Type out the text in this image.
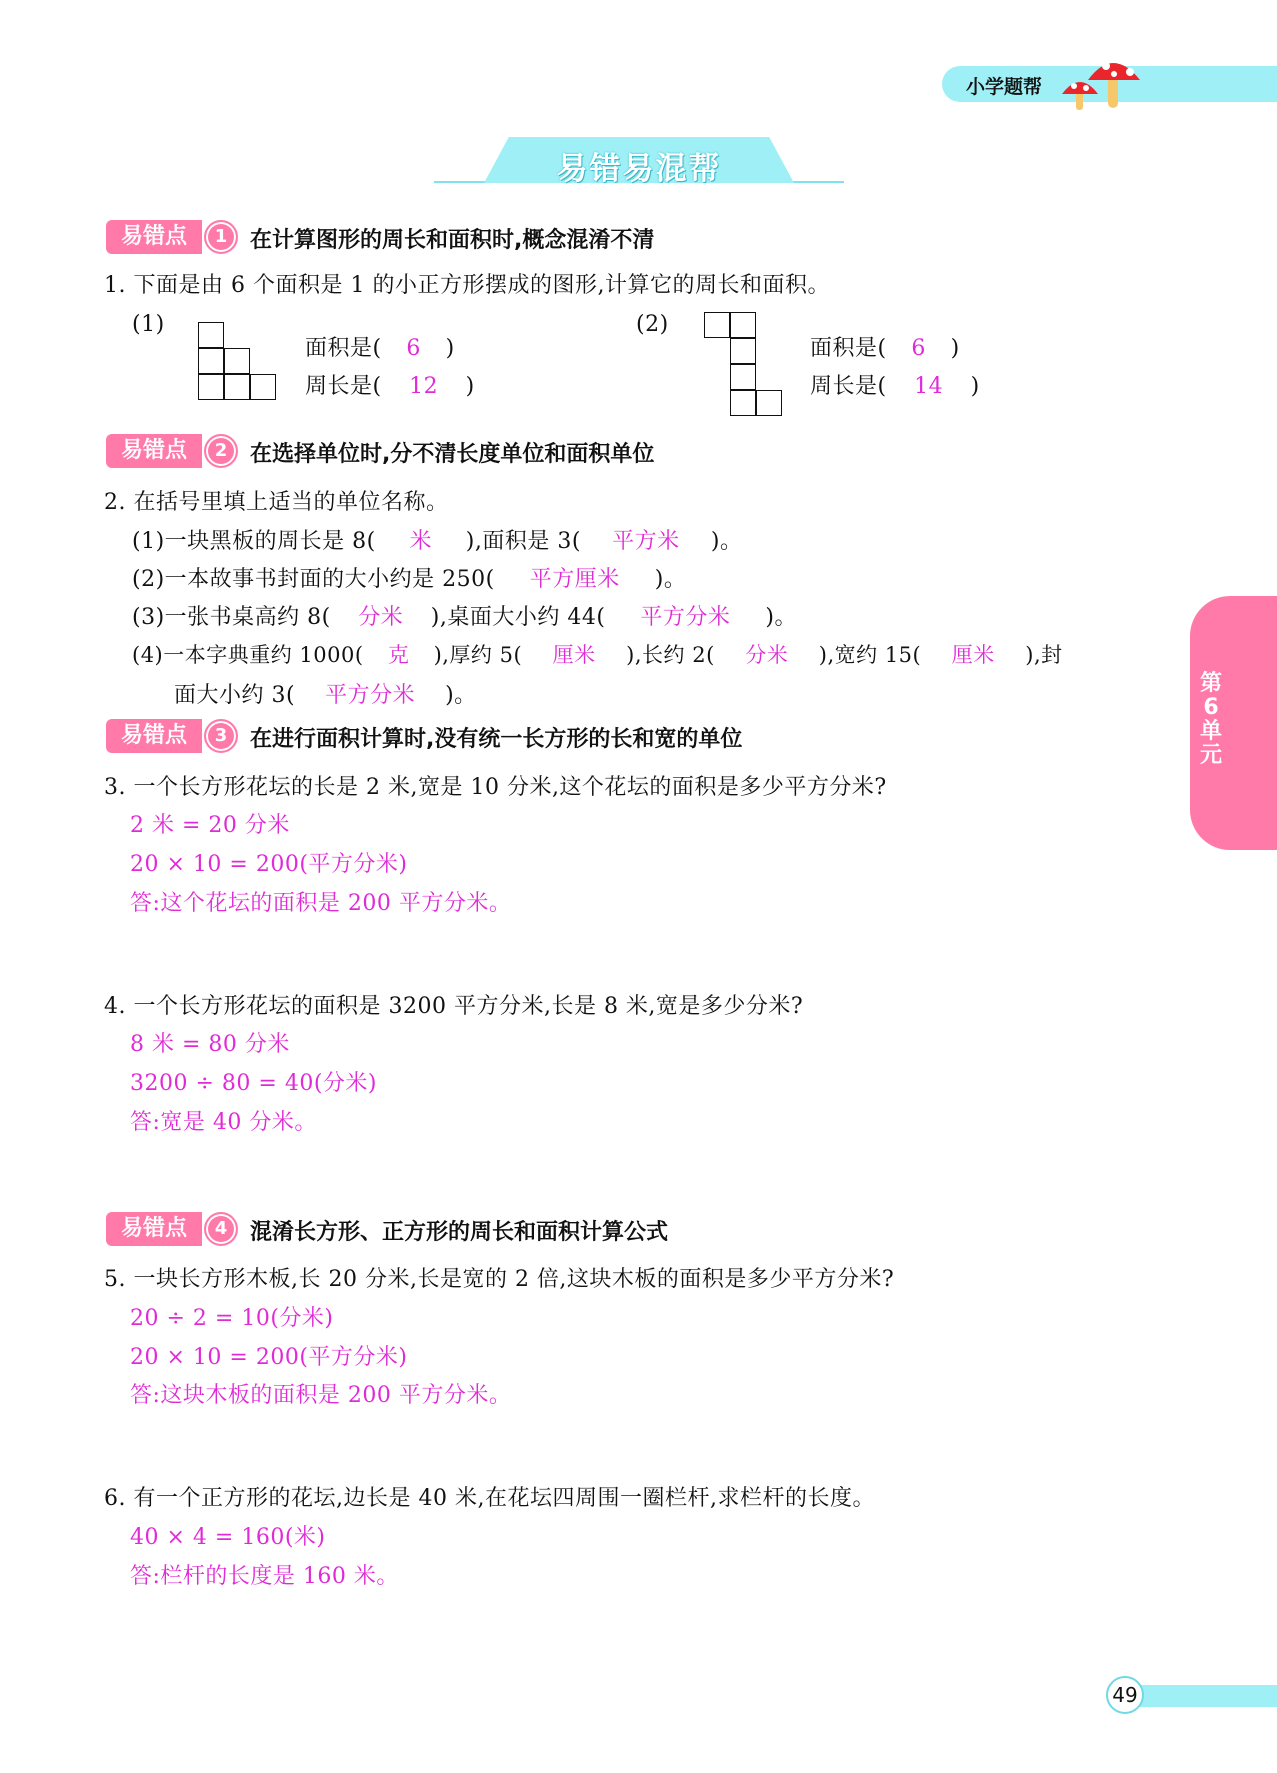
小学题帮
易错易混帮
第6单元
易错点	1	在计算图形的周长和面积时,概念混淆不清
1. 下面是由 6 个面积是 1 的小正方形摆成的图形,计算它的周长和面积。
(1)
面积是( 6 )
周长是( 12 )
(2)
面积是( 6 )
周长是( 14 )
易错点	2	在选择单位时,分不清长度单位和面积单位
2. 在括号里填上适当的单位名称。
(1)一块黑板的周长是 8( 米 ),面积是 3( 平方米 )。
(2)一本故事书封面的大小约是 250( 平方厘米 )。
(3)一张书桌高约 8( 分米 ),桌面大小约 44( 平方分米 )。
(4)一本字典重约 1000( 克 ),厚约 5( 厘米 ),长约 2( 分米 ),宽约 15( 厘米 ),封
面大小约 3( 平方分米 )。
易错点	3	在进行面积计算时,没有统一长方形的长和宽的单位
3. 一个长方形花坛的长是 2 米,宽是 10 分米,这个花坛的面积是多少平方分米?
2 米 = 20 分米
20 × 10 = 200(平方分米)
答:这个花坛的面积是 200 平方分米。
4. 一个长方形花坛的面积是 3200 平方分米,长是 8 米,宽是多少分米?
8 米 = 80 分米
3200 ÷ 80 = 40(分米)
答:宽是 40 分米。
易错点	4	混淆长方形、正方形的周长和面积计算公式
5. 一块长方形木板,长 20 分米,长是宽的 2 倍,这块木板的面积是多少平方分米?
20 ÷ 2 = 10(分米)
20 × 10 = 200(平方分米)
答:这块木板的面积是 200 平方分米。
6. 有一个正方形的花坛,边长是 40 米,在花坛四周围一圈栏杆,求栏杆的长度。
40 × 4 = 160(米)
答:栏杆的长度是 160 米。
49
